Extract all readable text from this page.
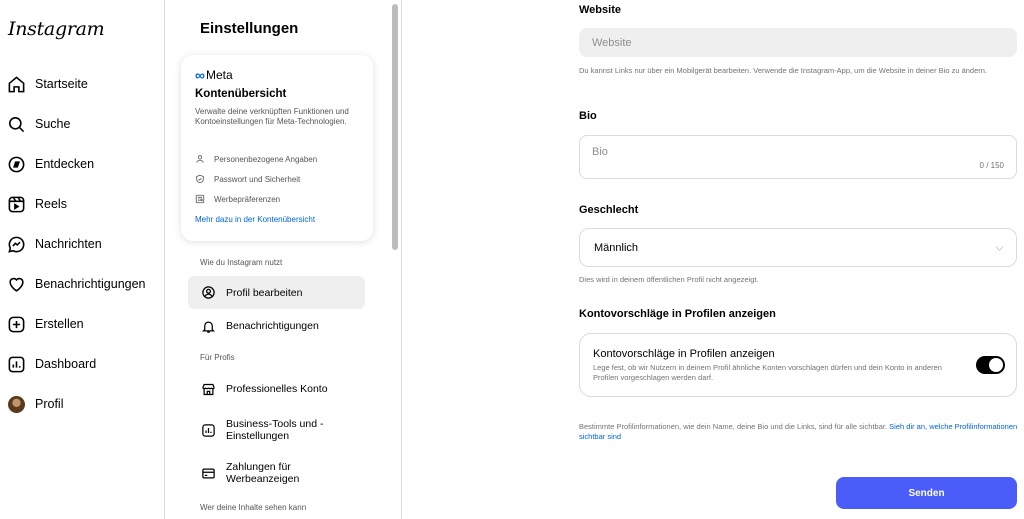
Instagram
Startseite
Suche
Entdecken
Reels
Nachrichten
Benachrichtigungen
Erstellen
Dashboard
Profil
Einstellungen
∞ Meta
Kontenübersicht
Verwalte deine verknüpften Funktionen und Kontoeinstellungen für Meta-Technologien.
Personenbezogene Angaben
Passwort und Sicherheit
Werbepräferenzen
Mehr dazu in der Kontenübersicht
Wie du Instagram nutzt
Profil bearbeiten
Benachrichtigungen
Für Profis
Professionelles Konto
Business-Tools und -Einstellungen
Zahlungen für Werbeanzeigen
Wer deine Inhalte sehen kann
Website
Website
Du kannst Links nur über ein Mobilgerät bearbeiten. Verwende die Instagram-App, um die Website in deiner Bio zu ändern.
Bio
Bio
0 / 150
Geschlecht
Männlich
Dies wird in deinem öffentlichen Profil nicht angezeigt.
Kontovorschläge in Profilen anzeigen
Kontovorschläge in Profilen anzeigen
Lege fest, ob wir Nutzern in deinem Profil ähnliche Konten vorschlagen dürfen und dein Konto in anderen Profilen vorgeschlagen werden darf.
Bestimmte Profilinformationen, wie dein Name, deine Bio und die Links, sind für alle sichtbar. Sieh dir an, welche Profilinformationen sichtbar sind
Senden
